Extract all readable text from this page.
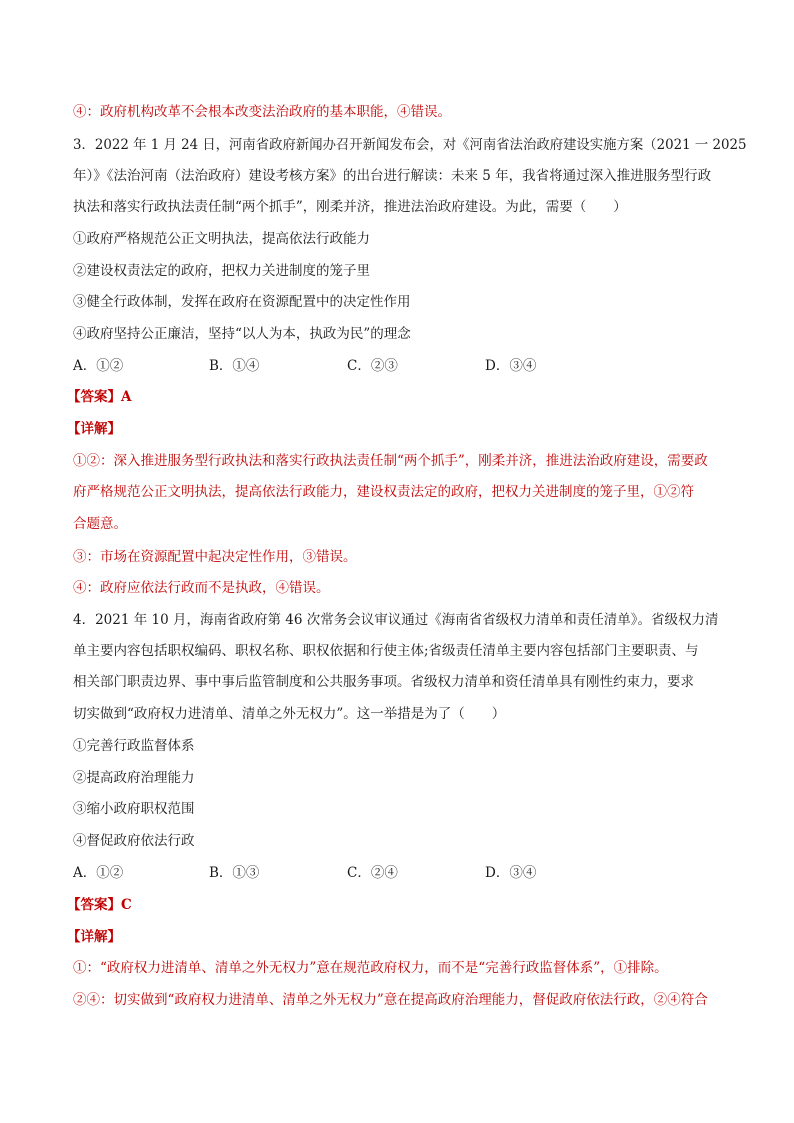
④：政府机构改革不会根本改变法治政府的基本职能，④错误。
3．2022 年 1 月 24 日，河南省政府新闻办召开新闻发布会，对《河南省法治政府建设实施方案（2021 一 2025
年）》《法治河南（法治政府）建设考核方案》的出台进行解读：未来 5 年，我省将通过深入推进服务型行政
执法和落实行政执法责任制“两个抓手”，刚柔并济，推进法治政府建设。为此，需要（　　）
①政府严格规范公正文明执法，提高依法行政能力
②建设权责法定的政府，把权力关进制度的笼子里
③健全行政体制，发挥在政府在资源配置中的决定性作用
④政府坚持公正廉洁，坚持“以人为本，执政为民”的理念
A．①②	B．①④	C．②③	D．③④
【答案】A
【详解】
①②：深入推进服务型行政执法和落实行政执法责任制“两个抓手”，刚柔并济，推进法治政府建设，需要政
府严格规范公正文明执法，提高依法行政能力，建设权责法定的政府，把权力关进制度的笼子里，①②符
合题意。
③：市场在资源配置中起决定性作用，③错误。
④：政府应依法行政而不是执政，④错误。
4．2021 年 10 月，海南省政府第 46 次常务会议审议通过《海南省省级权力清单和责任清单》。省级权力清
单主要内容包括职权编码、职权名称、职权依据和行使主体;省级责任清单主要内容包括部门主要职责、与
相关部门职责边界、事中事后监管制度和公共服务事项。省级权力清单和资任清单具有刚性约束力，要求
切实做到“政府权力进清单、清单之外无权力”。这一举措是为了（　　）
①完善行政监督体系
②提高政府治理能力
③缩小政府职权范围
④督促政府依法行政
A．①②	B．①③	C．②④	D．③④
【答案】C
【详解】
①：“政府权力进清单、清单之外无权力”意在规范政府权力，而不是“完善行政监督体系”，①排除。
②④：切实做到“政府权力进清单、清单之外无权力”意在提高政府治理能力，督促政府依法行政，②④符合
